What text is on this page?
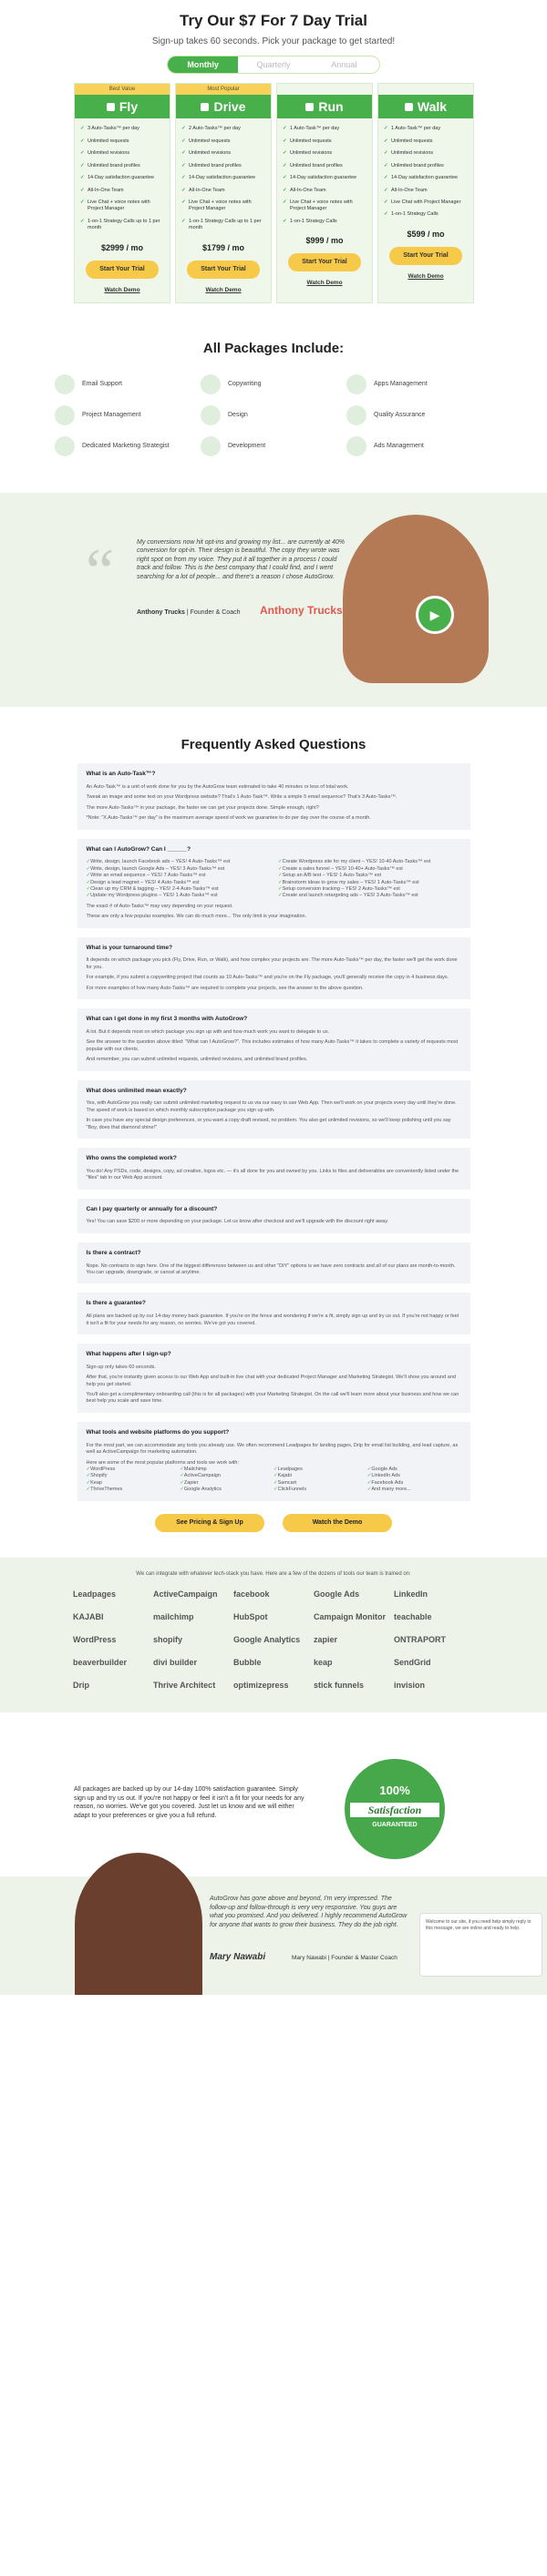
Try Our $7 For 7 Day Trial
Sign-up takes 60 seconds. Pick your package to get started!
Monthly	Quarterly	Annual
Best Value
Fly
✓ 3 Auto-Tasks™ per day
✓ Unlimited requests
✓ Unlimited revisions
✓ Unlimited brand profiles
✓ 14-Day satisfaction guarantee
✓ All-In-One Team
✓ Live Chat + voice notes with Project Manager
✓ 1-on-1 Strategy Calls up to 1 per month
$2999 / mo
Start Your Trial
Watch Demo
Most Popular
Drive
✓ 2 Auto-Tasks™ per day
✓ Unlimited requests
✓ Unlimited revisions
✓ Unlimited brand profiles
✓ 14-Day satisfaction guarantee
✓ All-In-One Team
✓ Live Chat + voice notes with Project Manager
✓ 1-on-1 Strategy Calls up to 1 per month
$1799 / mo
Start Your Trial
Watch Demo
Run
✓ 1 Auto-Task™ per day
✓ Unlimited requests
✓ Unlimited revisions
✓ Unlimited brand profiles
✓ 14-Day satisfaction guarantee
✓ All-In-One Team
✓ Live Chat + voice notes with Project Manager
✓ 1-on-1 Strategy Calls
$999 / mo
Start Your Trial
Watch Demo
Walk
✓ 1 Auto-Task™ per day
✓ Unlimited requests
✓ Unlimited revisions
✓ Unlimited brand profiles
✓ 14-Day satisfaction guarantee
✓ All-In-One Team
✓ Live Chat with Project Manager
✓ 1-on-1 Strategy Calls
$599 / mo
Start Your Trial
Watch Demo
All Packages Include:
Email Support	Copywriting	Apps Management
Project Management	Design	Quality Assurance
Dedicated Marketing Strategist	Development	Ads Management
“	My conversions now hit opt-ins and growing my list... are currently at 40% conversion for opt-in. Their design is beautiful. The copy they wrote was right spot on from my voice. They put it all together in a process I could track and follow. This is the best company that I could find, and I went searching for a lot of people... and there's a reason I chose AutoGrow.
Anthony Trucks | Founder & Coach Anthony Trucks	▶
Frequently Asked Questions
What is an Auto-Task™?

An Auto-Task™ is a unit of work done for you by the AutoGrow team estimated to take 40 minutes or less of total work.

Tweak an image and some text on your Wordpress website? That's 1 Auto-Task™. Write a simple 5 email sequence? That's 3 Auto-Tasks™.

The more Auto-Tasks™ in your package, the faster we can get your projects done. Simple enough, right?

*Note: "X Auto-Tasks™ per day" is the maximum average speed of work we guarantee to do per day over the course of a month.

What can I AutoGrow? Can I ______?
✓ Write, design, launch Facebook ads – YES! 4 Auto-Tasks™ est	✓ Create Wordpress site for my client – YES! 10-40 Auto-Tasks™ est
✓ Write, design, launch Google Ads – YES! 3 Auto-Tasks™ est	✓ Create a sales funnel – YES! 10-40+ Auto-Tasks™ est
✓ Write an email sequence – YES! 7 Auto-Tasks™ est	✓ Setup an A/B test – YES! 1 Auto-Tasks™ est
✓ Design a lead magnet – YES! 4 Auto-Tasks™ est	✓ Brainstorm ideas to grow my sales – YES! 1 Auto-Tasks™ est
✓ Clean up my CRM & tagging – YES! 2-4 Auto-Tasks™ est	✓ Setup conversion tracking – YES! 2 Auto-Tasks™ est
✓ Update my Wordpress plugins – YES! 1 Auto-Tasks™ est	✓ Create and launch retargeting ads – YES! 3 Auto-Tasks™ est

The exact # of Auto-Tasks™ may vary depending on your request.

These are only a few popular examples. We can do much more... The only limit is your imagination.

What is your turnaround time?

It depends on which package you pick (Fly, Drive, Run, or Walk), and how complex your projects are. The more Auto-Tasks™ per day, the faster we'll get the work done for you.

For example, if you submit a copywriting project that counts as 10 Auto-Tasks™ and you're on the Fly package, you'll generally receive the copy in 4 business days.

For more examples of how many Auto-Tasks™ are required to complete your projects, see the answer to the above question.

What can I get done in my first 3 months with AutoGrow?

A lot. But it depends most on which package you sign up with and how much work you want to delegate to us.

See the answer to the question above titled: "What can I AutoGrow?". This includes estimates of how many Auto-Tasks™ it takes to complete a variety of requests most popular with our clients.

And remember, you can submit unlimited requests, unlimited revisions, and unlimited brand profiles.

What does unlimited mean exactly?

Yes, with AutoGrow you really can submit unlimited marketing request to us via our easy to use Web App. Then we'll work on your projects every day until they're done. The speed of work is based on which monthly subscription package you sign up with.

In case you have any special design preferences, or you want a copy draft revised, no problem. You also get unlimited revisions, so we'll keep polishing until you say "Boy, does that diamond shine!"

Who owns the completed work?

You do! Any PSDs, code, designs, copy, ad creative, logos etc. — it's all done for you and owned by you. Links to files and deliverables are conveniently listed under the "files" tab in our Web App account.

Can I pay quarterly or annually for a discount?

Yes! You can save $200 or more depending on your package. Let us know after checkout and we'll upgrade with the discount right away.

Is there a contract?

Nope. No contracts to sign here. One of the biggest differences between us and other "DIY" options is we have zero contracts and all of our plans are month-to-month. You can upgrade, downgrade, or cancel at anytime.

Is there a guarantee?

All plans are backed up by our 14-day money back guarantee. If you're on the fence and wondering if we're a fit, simply sign up and try us out. If you're not happy or feel it isn't a fit for your needs for any reason, no worries. We've got you covered.

What happens after I sign-up?

Sign-up only takes 60 seconds.

After that, you're instantly given access to our Web App and built-in live chat with your dedicated Project Manager and Marketing Strategist. We'll show you around and help you get started.

You'll also get a complimentary onboarding call (this is for all packages) with your Marketing Strategist. On the call we'll learn more about your business and how we can best help you scale and save time.

What tools and website platforms do you support?

For the most part, we can accommodate any tools you already use. We often recommend Leadpages for landing pages, Drip for email list building, and lead capture, as well as ActiveCampaign for marketing automation.

Here are some of the most popular platforms and tools we work with:

✓ WordPress	✓ Mailchimp	✓ Leadpages	✓ Google Ads
✓ Shopify	✓ ActiveCampaign	✓ Kajabi	✓ LinkedIn Ads
✓ Keap	✓ Zapier	✓ Samcart	✓ Facebook Ads
✓ ThriveThemes	✓ Google Analytics	✓ ClickFunnels	✓ And many more...
See Pricing & Sign Up	Watch the Demo
We can integrate with whatever tech-stack you have. Here are a few of the dozens of tools our team is trained on:
Leadpages	ActiveCampaign	facebook	Google Ads	LinkedIn
KAJABI	mailchimp	HubSpot	Campaign Monitor	teachable
WordPress	shopify	Google Analytics	zapier	ONTRAPORT
beaverbuilder	divi builder	Bubble	keap	SendGrid
Drip	Thrive Architect	optimizepress	stick funnels	invision
All packages are backed up by our 14-day 100% satisfaction guarantee. Simply sign up and try us out. If you're not happy or feel it isn't a fit for your needs for any reason, no worries. We've got you covered. Just let us know and we will either adapt to your preferences or give you a full refund.
100%
Satisfaction
GUARANTEED
AutoGrow has gone above and beyond, I'm very impressed. The follow-up and follow-through is very very responsive. You guys are what you promised. And you delivered. I highly recommend AutoGrow for anyone that wants to grow their business. They do the job right.
Mary Nawabi	Mary Nawabi | Founder & Master Coach
Welcome to our site, if you need help simply reply to this message, we are online and ready to help.
